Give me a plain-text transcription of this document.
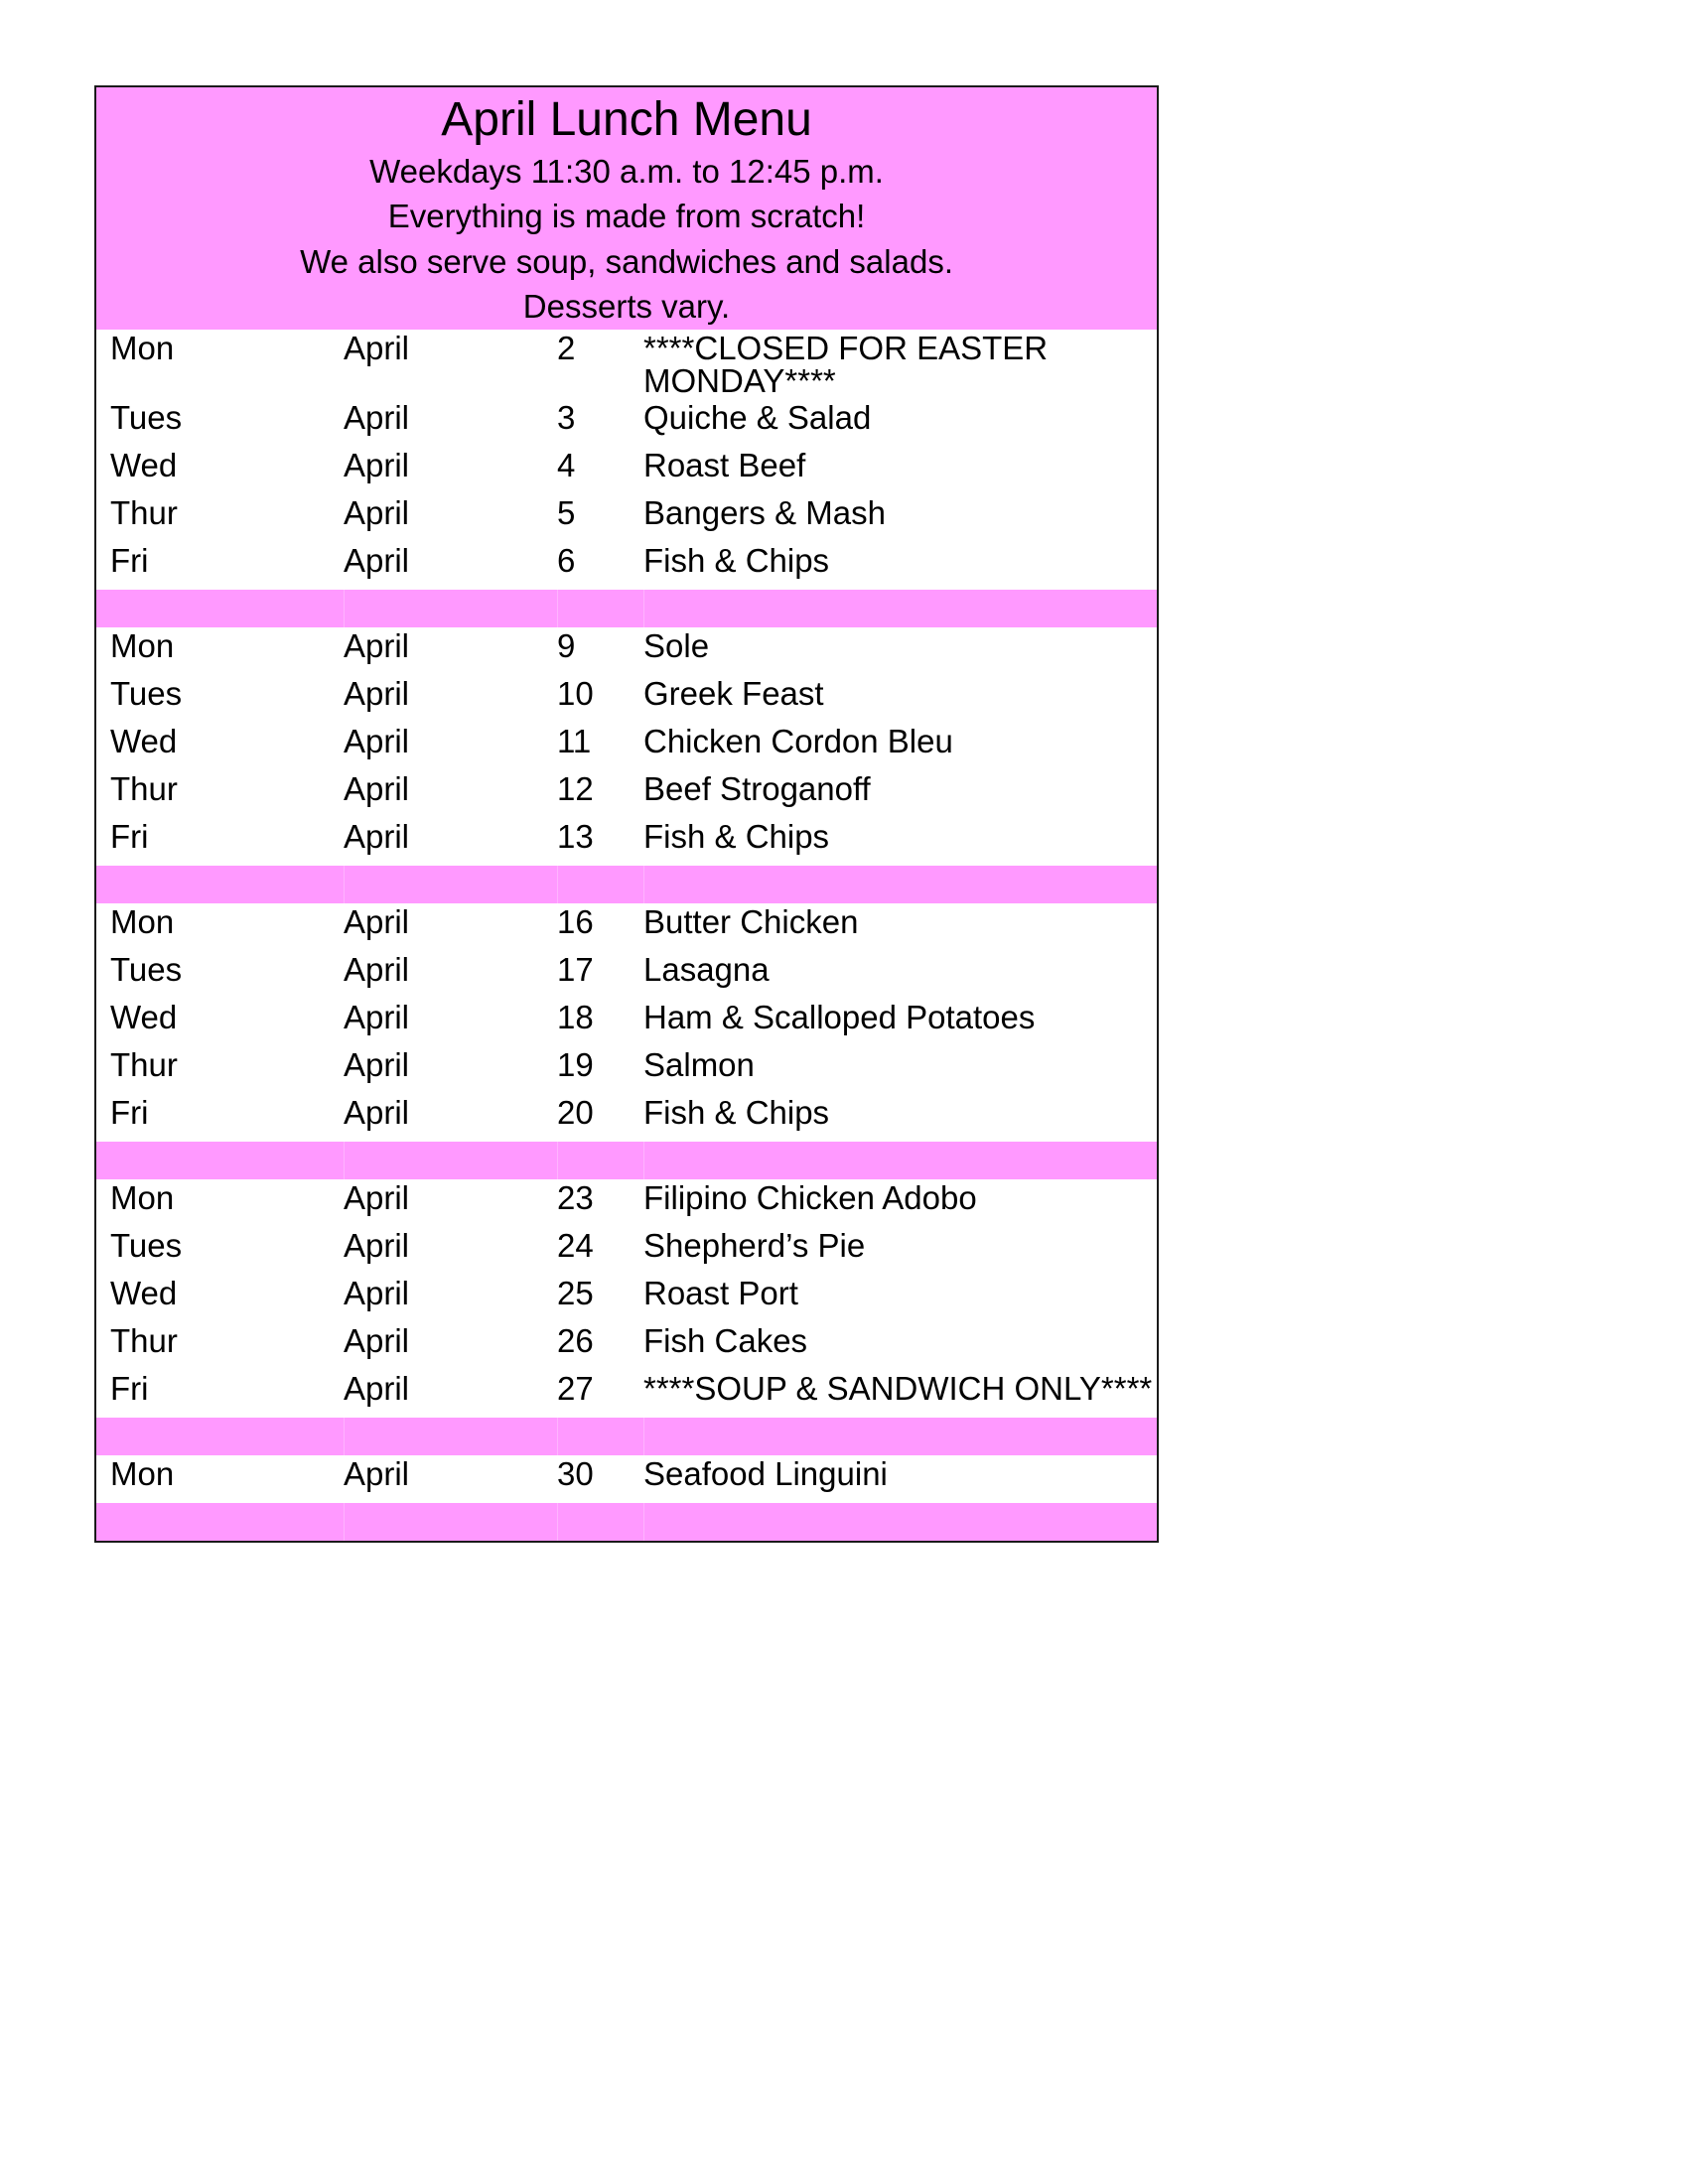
April Lunch Menu
Weekdays 11:30 a.m. to 12:45 p.m.
Everything is made from scratch!
We also serve soup, sandwiches and salads.
Desserts vary.			

Mon	April	2	****CLOSED FOR EASTER MONDAY****
Tues	April	3	Quiche & Salad
Wed	April	4	Roast Beef
Thur	April	5	Bangers & Mash
Fri	April	6	Fish & Chips

Mon	April	9	Sole
Tues	April	10	Greek Feast
Wed	April	11	Chicken Cordon Bleu
Thur	April	12	Beef Stroganoff
Fri	April	13	Fish & Chips

Mon	April	16	Butter Chicken
Tues	April	17	Lasagna
Wed	April	18	Ham & Scalloped Potatoes
Thur	April	19	Salmon
Fri	April	20	Fish & Chips

Mon	April	23	Filipino Chicken Adobo
Tues	April	24	Shepherd’s Pie
Wed	April	25	Roast Port
Thur	April	26	Fish Cakes
Fri	April	27	****SOUP & SANDWICH ONLY****

Mon	April	30	Seafood Linguini
